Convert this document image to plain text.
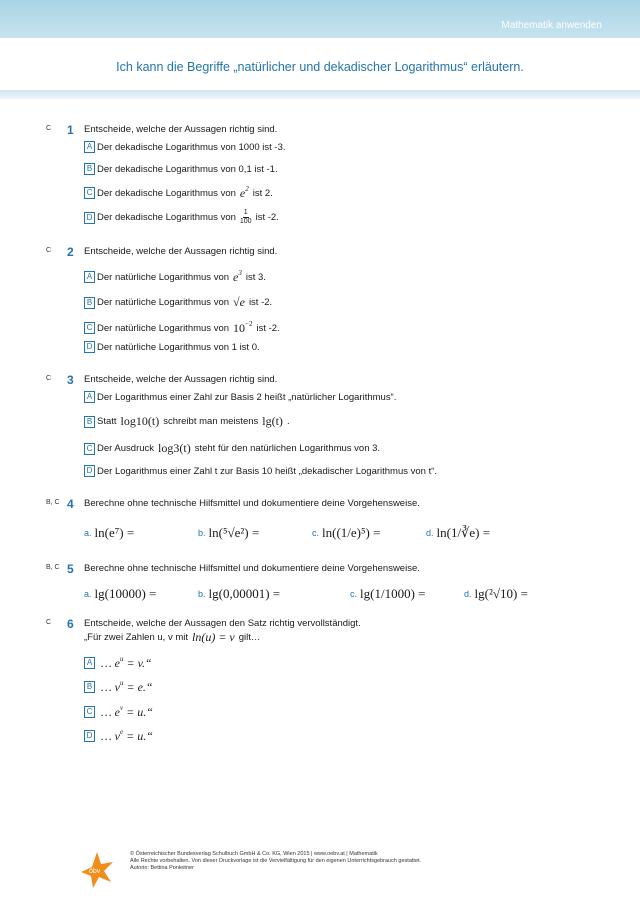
Mathematik anwenden
Ich kann die Begriffe „natürlicher und dekadischer Logarithmus“ erläutern.
C 1 Entscheide, welche der Aussagen richtig sind.
A Der dekadische Logarithmus von 1000 ist -3.
B Der dekadische Logarithmus von 0,1 ist -1.
C Der dekadische Logarithmus von $e^2$ ist 2.
D Der dekadische Logarithmus von $\frac{1}{100}$ ist -2.
C 2 Entscheide, welche der Aussagen richtig sind.
A Der natürliche Logarithmus von $e^3$ ist 3.
B Der natürliche Logarithmus von √e ist -2.
C Der natürliche Logarithmus von $10^{-2}$ ist -2.
D Der natürliche Logarithmus von 1 ist 0.
C 3 Entscheide, welche der Aussagen richtig sind.
A Der Logarithmus einer Zahl zur Basis 2 heißt „natürlicher Logarithmus“.
B Statt log10(t) schreibt man meistens lg(t) .
C Der Ausdruck log3(t) steht für den natürlichen Logarithmus von 3.
D Der Logarithmus einer Zahl t zur Basis 10 heißt „dekadischer Logarithmus von t“.
B, C 4 Berechne ohne technische Hilfsmittel und dokumentiere deine Vorgehensweise.
a. ln(e⁷) =	b. ln(⁵√e²) =	c. ln((1/e)⁵) =	d. ln(1/∛e) =
B, C 5 Berechne ohne technische Hilfsmittel und dokumentiere deine Vorgehensweise.
a. lg(10000) =	b. lg(0,00001) =	c. lg(1/1000) =	d. lg(²√10) =
C 6 Entscheide, welche der Aussagen den Satz richtig vervollständigt.
„Für zwei Zahlen u, v mit ln(u) = v gilt…
A … $e^u$ = v.“
B … $v^u$ = e.“
C … $e^v$ = u.“
D … $v^e$ = u.“
öbv
© Österreichischer Bundesverlag Schulbuch GmbH & Co. KG, Wien 2015 | www.oebv.at | Mathematik
Alle Rechte vorbehalten. Von dieser Druckvorlage ist die Vervielfältigung für den eigenen Unterrichtsgebrauch gestattet.
Autorin: Bettina Ponleitner
